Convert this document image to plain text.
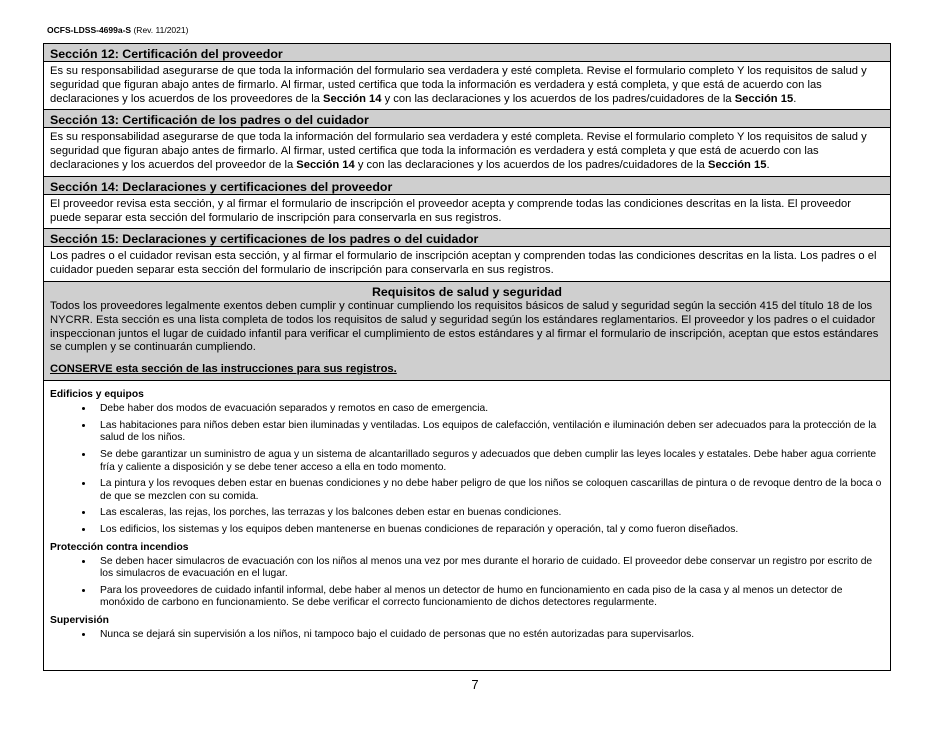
OCFS-LDSS-4699a-S (Rev. 11/2021)
Sección 12: Certificación del proveedor
Es su responsabilidad asegurarse de que toda la información del formulario sea verdadera y esté completa. Revise el formulario completo Y los requisitos de salud y seguridad que figuran abajo antes de firmarlo. Al firmar, usted certifica que toda la información es verdadera y está completa, y que está de acuerdo con las declaraciones y los acuerdos de los proveedores de la Sección 14 y con las declaraciones y los acuerdos de los padres/cuidadores de la Sección 15.
Sección 13: Certificación de los padres o del cuidador
Es su responsabilidad asegurarse de que toda la información del formulario sea verdadera y esté completa. Revise el formulario completo Y los requisitos de salud y seguridad que figuran abajo antes de firmarlo. Al firmar, usted certifica que toda la información es verdadera y está completa y que está de acuerdo con las declaraciones y los acuerdos del proveedor de la Sección 14 y con las declaraciones y los acuerdos de los padres/cuidadores de la Sección 15.
Sección 14: Declaraciones y certificaciones del proveedor
El proveedor revisa esta sección, y al firmar el formulario de inscripción el proveedor acepta y comprende todas las condiciones descritas en la lista. El proveedor puede separar esta sección del formulario de inscripción para conservarla en sus registros.
Sección 15: Declaraciones y certificaciones de los padres o del cuidador
Los padres o el cuidador revisan esta sección, y al firmar el formulario de inscripción aceptan y comprenden todas las condiciones descritas en la lista. Los padres o el cuidador pueden separar esta sección del formulario de inscripción para conservarla en sus registros.
Requisitos de salud y seguridad
Todos los proveedores legalmente exentos deben cumplir y continuar cumpliendo los requisitos básicos de salud y seguridad según la sección 415 del título 18 de los NYCRR. Esta sección es una lista completa de todos los requisitos de salud y seguridad según los estándares reglamentarios. El proveedor y los padres o el cuidador inspeccionan juntos el lugar de cuidado infantil para verificar el cumplimiento de estos estándares y al firmar el formulario de inscripción, aceptan que estos estándares se cumplen y se continuarán cumpliendo.
CONSERVE esta sección de las instrucciones para sus registros.
Edificios y equipos
• Debe haber dos modos de evacuación separados y remotos en caso de emergencia.
• Las habitaciones para niños deben estar bien iluminadas y ventiladas. Los equipos de calefacción, ventilación e iluminación deben ser adecuados para la protección de la salud de los niños.
• Se debe garantizar un suministro de agua y un sistema de alcantarillado seguros y adecuados que deben cumplir las leyes locales y estatales. Debe haber agua corriente fría y caliente a disposición y se debe tener acceso a ella en todo momento.
• La pintura y los revoques deben estar en buenas condiciones y no debe haber peligro de que los niños se coloquen cascarillas de pintura o de revoque dentro de la boca o de que se mezclen con su comida.
• Las escaleras, las rejas, los porches, las terrazas y los balcones deben estar en buenas condiciones.
• Los edificios, los sistemas y los equipos deben mantenerse en buenas condiciones de reparación y operación, tal y como fueron diseñados.
Protección contra incendios
• Se deben hacer simulacros de evacuación con los niños al menos una vez por mes durante el horario de cuidado. El proveedor debe conservar un registro por escrito de los simulacros de evacuación en el lugar.
• Para los proveedores de cuidado infantil informal, debe haber al menos un detector de humo en funcionamiento en cada piso de la casa y al menos un detector de monóxido de carbono en funcionamiento. Se debe verificar el correcto funcionamiento de dichos detectores regularmente.
Supervisión
• Nunca se dejará sin supervisión a los niños, ni tampoco bajo el cuidado de personas que no estén autorizadas para supervisarlos.
7
